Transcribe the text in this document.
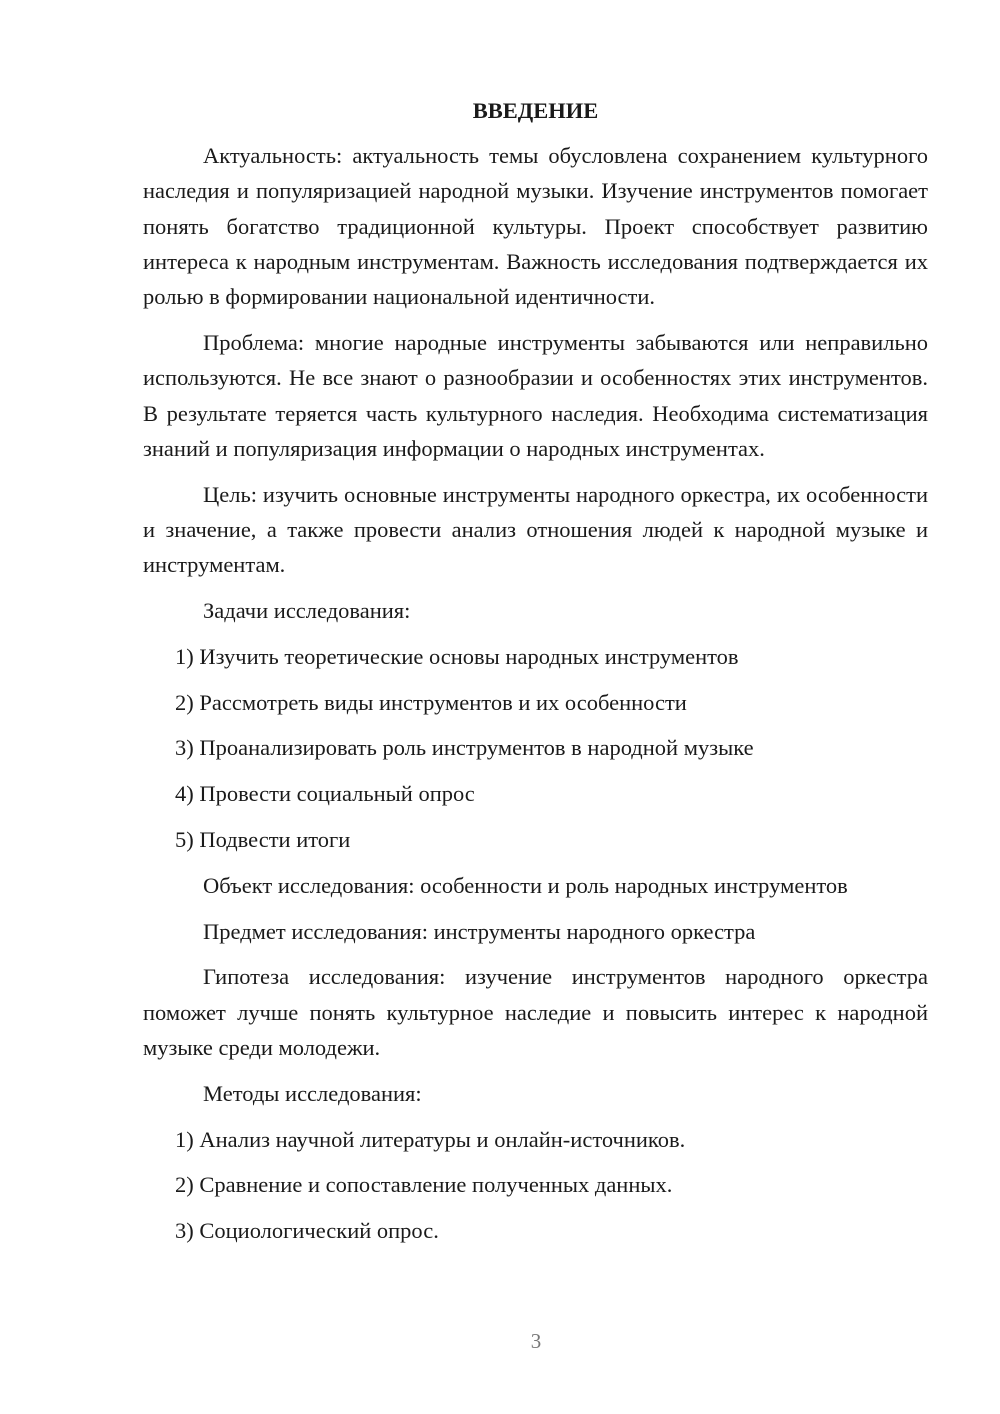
ВВЕДЕНИЕ

Актуальность: актуальность темы обусловлена сохранением культурного наследия и популяризацией народной музыки. Изучение инструментов помогает понять богатство традиционной культуры. Проект способствует развитию интереса к народным инструментам. Важность исследования подтверждается их ролью в формировании национальной идентичности.

Проблема: многие народные инструменты забываются или неправильно используются. Не все знают о разнообразии и особенностях этих инструментов. В результате теряется часть культурного наследия. Необходима систематизация знаний и популяризация информации о народных инструментах.

Цель: изучить основные инструменты народного оркестра, их особенности и значение, а также провести анализ отношения людей к народной музыке и инструментам.

Задачи исследования:

1) Изучить теоретические основы народных инструментов
2) Рассмотреть виды инструментов и их особенности
3) Проанализировать роль инструментов в народной музыке
4) Провести социальный опрос
5) Подвести итоги

Объект исследования: особенности и роль народных инструментов

Предмет исследования: инструменты народного оркестра

Гипотеза исследования: изучение инструментов народного оркестра поможет лучше понять культурное наследие и повысить интерес к народной музыке среди молодежи.

Методы исследования:

1) Анализ научной литературы и онлайн-источников.
2) Сравнение и сопоставление полученных данных.
3) Социологический опрос.
3
